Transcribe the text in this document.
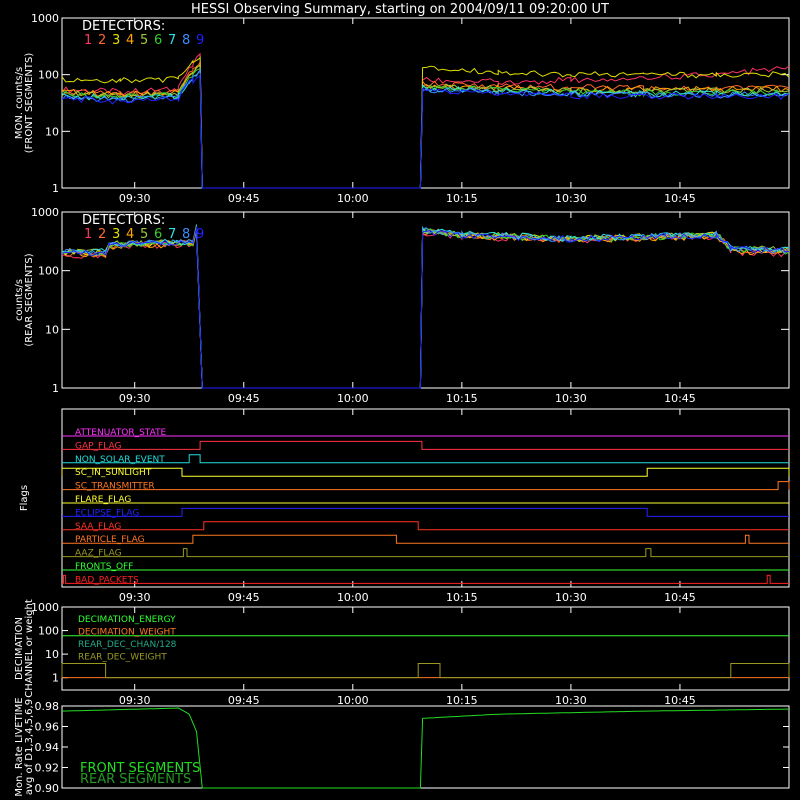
HESSI Observing Summary, starting on 2004/09/11 09:20:00 UT
1000
100
10
1
09:30	09:45	10:00	10:15	10:30	10:45
MON. counts/s (FRONT SEGMENTS)
DETECTORS:
1 2 3 4 5 6 7 8 9
1000
100
10
1
09:30	09:45	10:00	10:15	10:30	10:45
counts/s (REAR SEGMENTS)
DETECTORS:
1 2 3 4 5 6 7 8 9
09:30	09:45	10:00	10:15	10:30	10:45
ATTENUATOR_STATE
GAP_FLAG
NON_SOLAR_EVENT
SC_IN_SUNLIGHT
SC_TRANSMITTER
FLARE_FLAG
ECLIPSE_FLAG
SAA_FLAG
PARTICLE_FLAG
AAZ_FLAG
FRONTS_OFF
BAD_PACKETS
Flags
1000
100
10
1
09:30	09:45	10:00	10:15	10:30	10:45
DECIMATION CHANNEL or weight	DECIMATION_ENERGY
DECIMATION_WEIGHT
REAR_DEC_CHAN/128
REAR_DEC_WEIGHT
0.98
0.96
0.94
0.92
0.90
Mon. Rate LIVETIME avg of D1,3,4,5,6,9	FRONT SEGMENTS
REAR SEGMENTS
